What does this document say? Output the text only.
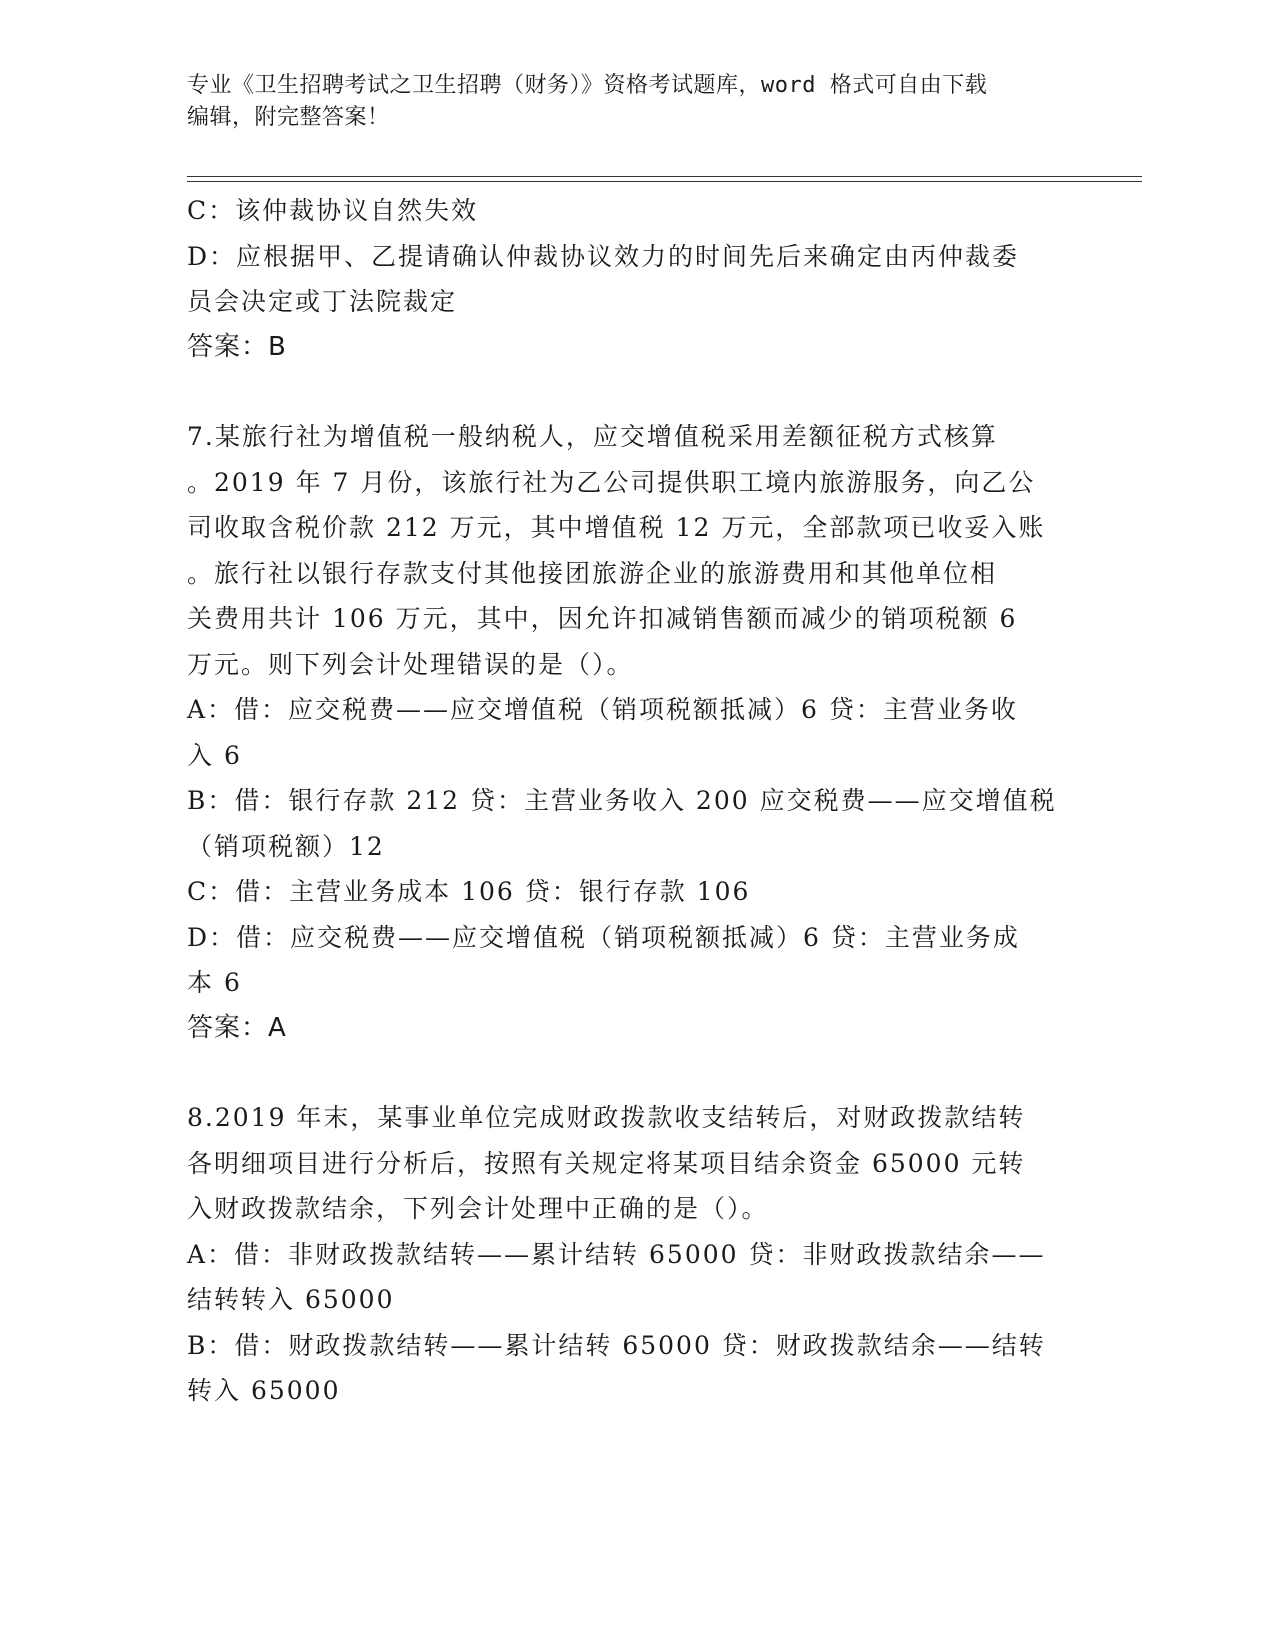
专业《卫生招聘考试之卫生招聘（财务）》资格考试题库，word 格式可自由下载
编辑，附完整答案！
C：该仲裁协议自然失效
D：应根据甲、乙提请确认仲裁协议效力的时间先后来确定由丙仲裁委
员会决定或丁法院裁定
答案：B
7.某旅行社为增值税一般纳税人，应交增值税采用差额征税方式核算
。2019 年 7 月份，该旅行社为乙公司提供职工境内旅游服务，向乙公
司收取含税价款 212 万元，其中增值税 12 万元，全部款项已收妥入账
。旅行社以银行存款支付其他接团旅游企业的旅游费用和其他单位相
关费用共计 106 万元，其中，因允许扣减销售额而减少的销项税额 6
万元。则下列会计处理错误的是（）。
A：借：应交税费——应交增值税（销项税额抵减）6 贷：主营业务收
入 6
B：借：银行存款 212 贷：主营业务收入 200 应交税费——应交增值税
（销项税额）12
C：借：主营业务成本 106 贷：银行存款 106
D：借：应交税费——应交增值税（销项税额抵减）6 贷：主营业务成
本 6
答案：A
8.2019 年末，某事业单位完成财政拨款收支结转后，对财政拨款结转
各明细项目进行分析后，按照有关规定将某项目结余资金 65000 元转
入财政拨款结余，下列会计处理中正确的是（）。
A：借：非财政拨款结转——累计结转 65000 贷：非财政拨款结余——
结转转入 65000
B：借：财政拨款结转——累计结转 65000 贷：财政拨款结余——结转
转入 65000
